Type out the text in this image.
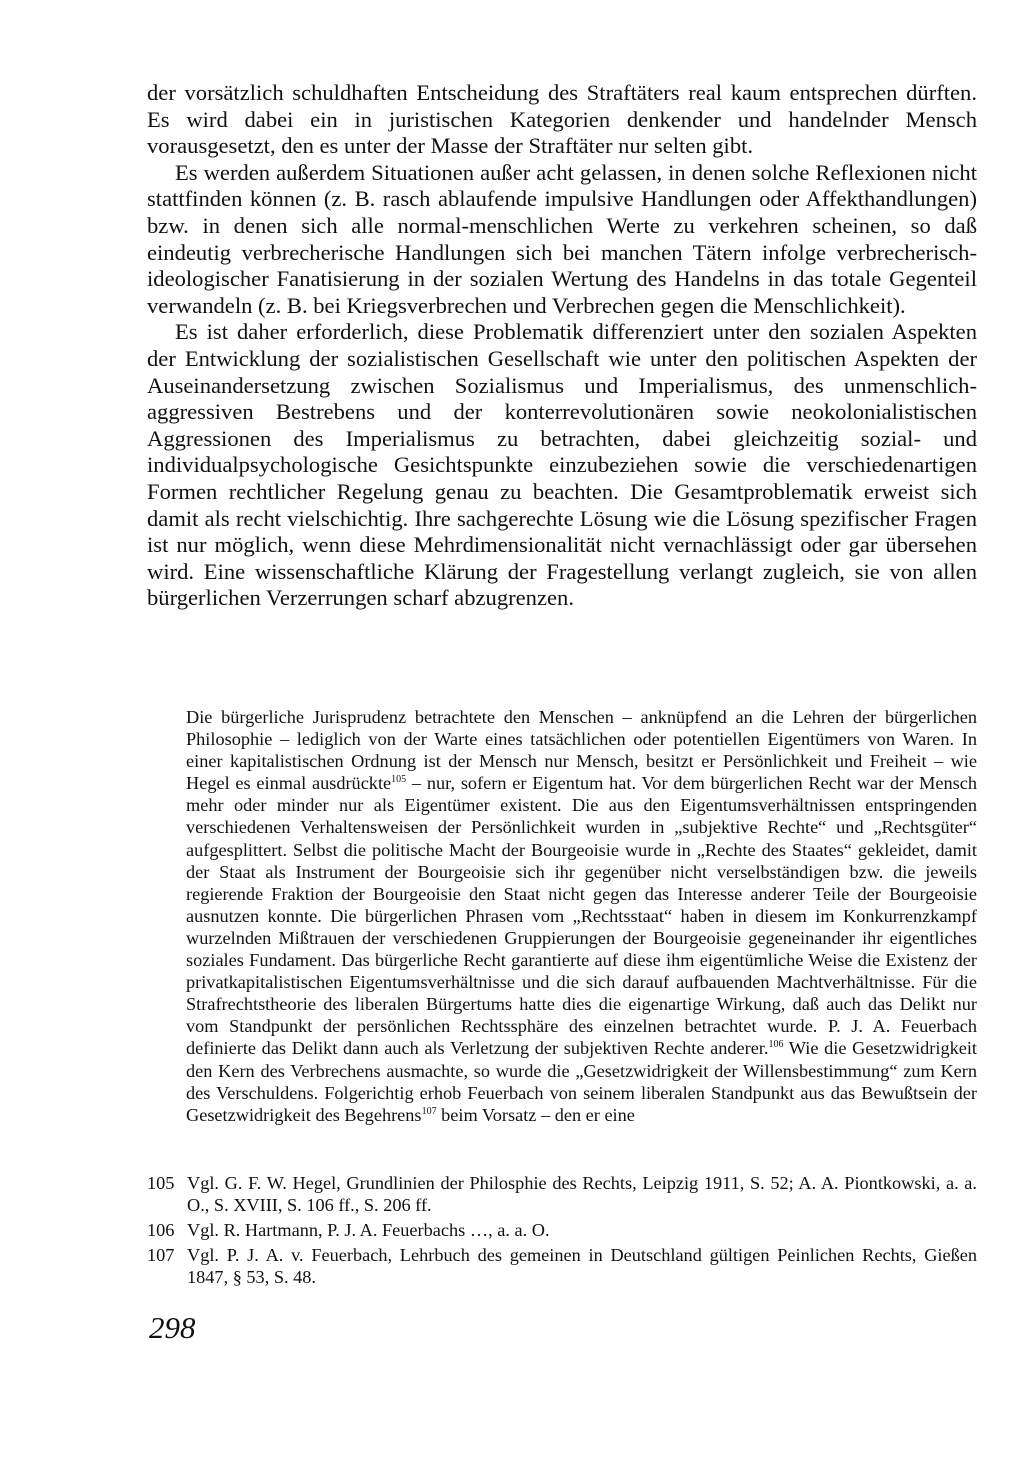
der vorsätzlich schuldhaften Entscheidung des Straftäters real kaum entsprechen dürften. Es wird dabei ein in juristischen Kategorien denkender und handelnder Mensch vorausgesetzt, den es unter der Masse der Straftäter nur selten gibt.

Es werden außerdem Situationen außer acht gelassen, in denen solche Reflexionen nicht stattfinden können (z. B. rasch ablaufende impulsive Handlungen oder Affekthandlungen) bzw. in denen sich alle normal-menschlichen Werte zu verkehren scheinen, so daß eindeutig verbrecherische Handlungen sich bei manchen Tätern infolge verbrecherisch-ideologischer Fanatisierung in der sozialen Wertung des Handelns in das totale Gegenteil verwandeln (z. B. bei Kriegsverbrechen und Verbrechen gegen die Menschlichkeit).

Es ist daher erforderlich, diese Problematik differenziert unter den sozialen Aspekten der Entwicklung der sozialistischen Gesellschaft wie unter den politischen Aspekten der Auseinandersetzung zwischen Sozialismus und Imperialismus, des unmenschlich-aggressiven Bestrebens und der konterrevolutionären sowie neokolonialistischen Aggressionen des Imperialismus zu betrachten, dabei gleichzeitig sozial- und individualpsychologische Gesichtspunkte einzubeziehen sowie die verschiedenartigen Formen rechtlicher Regelung genau zu beachten. Die Gesamtproblematik erweist sich damit als recht vielschichtig. Ihre sachgerechte Lösung wie die Lösung spezifischer Fragen ist nur möglich, wenn diese Mehrdimensionalität nicht vernachlässigt oder gar übersehen wird. Eine wissenschaftliche Klärung der Fragestellung verlangt zugleich, sie von allen bürgerlichen Verzerrungen scharf abzugrenzen.

Die bürgerliche Jurisprudenz betrachtete den Menschen – anknüpfend an die Lehren der bürgerlichen Philosophie – lediglich von der Warte eines tatsächlichen oder potentiellen Eigentümers von Waren. In einer kapitalistischen Ordnung ist der Mensch nur Mensch, besitzt er Persönlichkeit und Freiheit – wie Hegel es einmal ausdrückte$^{105}$ – nur, sofern er Eigentum hat. Vor dem bürgerlichen Recht war der Mensch mehr oder minder nur als Eigentümer existent. Die aus den Eigentumsverhältnissen entspringenden verschiedenen Verhaltensweisen der Persönlichkeit wurden in „subjektive Rechte“ und „Rechtsgüter“ aufgesplittert. Selbst die politische Macht der Bourgeoisie wurde in „Rechte des Staates“ gekleidet, damit der Staat als Instrument der Bourgeoisie sich ihr gegenüber nicht verselbständigen bzw. die jeweils regierende Fraktion der Bourgeoisie den Staat nicht gegen das Interesse anderer Teile der Bourgeoisie ausnutzen konnte. Die bürgerlichen Phrasen vom „Rechtsstaat“ haben in diesem im Konkurrenzkampf wurzelnden Mißtrauen der verschiedenen Gruppierungen der Bourgeoisie gegeneinander ihr eigentliches soziales Fundament. Das bürgerliche Recht garantierte auf diese ihm eigentümliche Weise die Existenz der privatkapitalistischen Eigentumsverhältnisse und die sich darauf aufbauenden Machtverhältnisse. Für die Strafrechtstheorie des liberalen Bürgertums hatte dies die eigenartige Wirkung, daß auch das Delikt nur vom Standpunkt der persönlichen Rechtssphäre des einzelnen betrachtet wurde. P. J. A. Feuerbach definierte das Delikt dann auch als Verletzung der subjektiven Rechte anderer.$^{106}$ Wie die Gesetzwidrigkeit den Kern des Verbrechens ausmachte, so wurde die „Gesetzwidrigkeit der Willensbestimmung“ zum Kern des Verschuldens. Folgerichtig erhob Feuerbach von seinem liberalen Standpunkt aus das Bewußtsein der Gesetzwidrigkeit des Begehrens$^{107}$ beim Vorsatz – den er eine

105 Vgl. G. F. W. Hegel, Grundlinien der Philosphie des Rechts, Leipzig 1911, S. 52; A. A. Piontkowski, a. a. O., S. XVIII, S. 106 ff., S. 206 ff.
106 Vgl. R. Hartmann, P. J. A. Feuerbachs …, a. a. O.
107 Vgl. P. J. A. v. Feuerbach, Lehrbuch des gemeinen in Deutschland gültigen Peinlichen Rechts, Gießen 1847, § 53, S. 48.
298
